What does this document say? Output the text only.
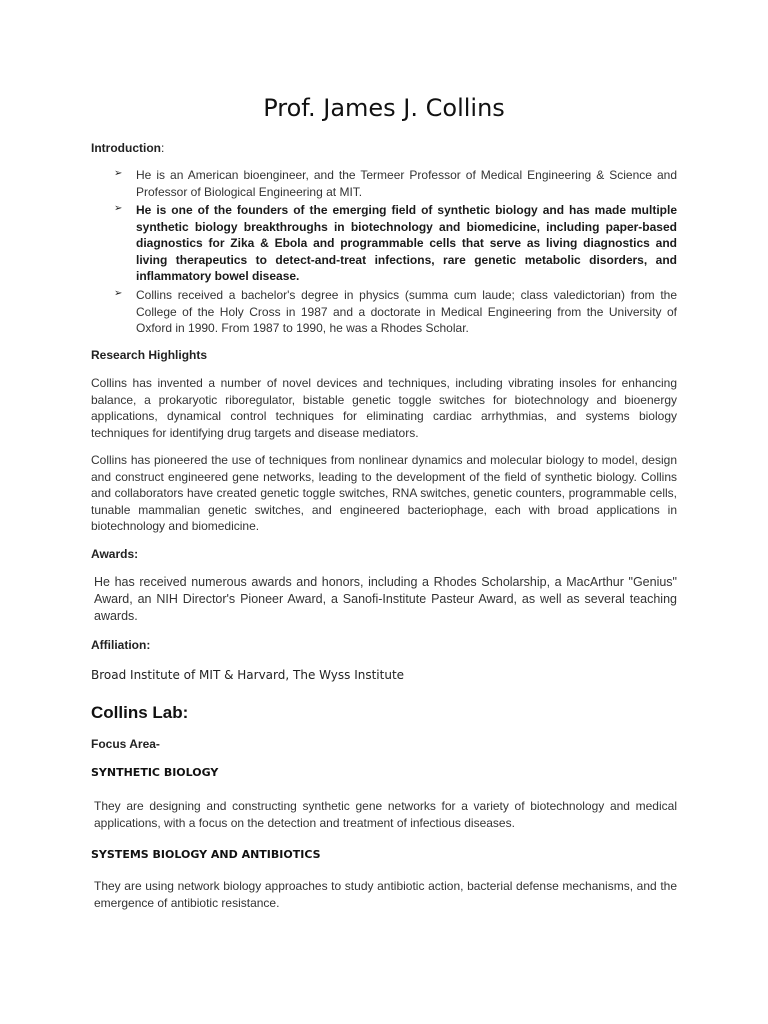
Prof. James J. Collins
Introduction:
➢ He is an American bioengineer, and the Termeer Professor of Medical Engineering & Science and Professor of Biological Engineering at MIT.
➢ He is one of the founders of the emerging field of synthetic biology and has made multiple synthetic biology breakthroughs in biotechnology and biomedicine, including paper-based diagnostics for Zika & Ebola and programmable cells that serve as living diagnostics and living therapeutics to detect-and-treat infections, rare genetic metabolic disorders, and inflammatory bowel disease.
➢ Collins received a bachelor's degree in physics (summa cum laude; class valedictorian) from the College of the Holy Cross in 1987 and a doctorate in Medical Engineering from the University of Oxford in 1990. From 1987 to 1990, he was a Rhodes Scholar.
Research Highlights
Collins has invented a number of novel devices and techniques, including vibrating insoles for enhancing balance, a prokaryotic riboregulator, bistable genetic toggle switches for biotechnology and bioenergy applications, dynamical control techniques for eliminating cardiac arrhythmias, and systems biology techniques for identifying drug targets and disease mediators.
Collins has pioneered the use of techniques from nonlinear dynamics and molecular biology to model, design and construct engineered gene networks, leading to the development of the field of synthetic biology. Collins and collaborators have created genetic toggle switches, RNA switches, genetic counters, programmable cells, tunable mammalian genetic switches, and engineered bacteriophage, each with broad applications in biotechnology and biomedicine.
Awards:
He has received numerous awards and honors, including a Rhodes Scholarship, a MacArthur "Genius" Award, an NIH Director's Pioneer Award, a Sanofi-Institute Pasteur Award, as well as several teaching awards.
Affiliation:
Broad Institute of MIT & Harvard, The Wyss Institute
Collins Lab:
Focus Area-
SYNTHETIC BIOLOGY
They are designing and constructing synthetic gene networks for a variety of biotechnology and medical applications, with a focus on the detection and treatment of infectious diseases.
SYSTEMS BIOLOGY AND ANTIBIOTICS
They are using network biology approaches to study antibiotic action, bacterial defense mechanisms, and the emergence of antibiotic resistance.
